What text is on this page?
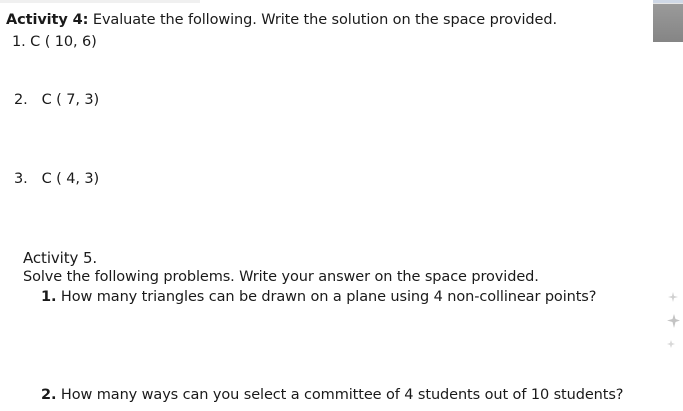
Activity 4: Evaluate the following. Write the solution on the space provided.
1. C ( 10, 6)
2. C ( 7, 3)
3. C ( 4, 3)
Activity 5.
Solve the following problems. Write your answer on the space provided.
1. How many triangles can be drawn on a plane using 4 non-collinear points?
2. How many ways can you select a committee of 4 students out of 10 students?
